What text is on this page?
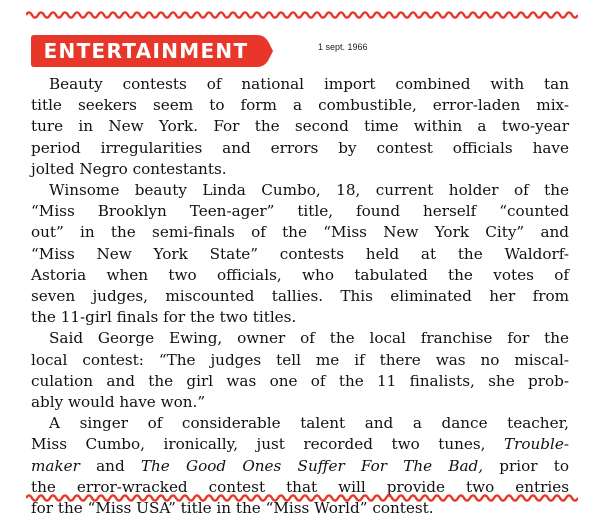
ENTERTAINMENT	1 sept. 1966

Beauty contests of national import combined with tan
title seekers seem to form a combustible, error-laden mix-
ture in New York. For the second time within a two-year
period irregularities and errors by contest officials have
jolted Negro contestants.

Winsome beauty Linda Cumbo, 18, current holder of the
“Miss Brooklyn Teen-ager” title, found herself “counted
out” in the semi-finals of the “Miss New York City” and
“Miss New York State” contests held at the Waldorf-
Astoria when two officials, who tabulated the votes of
seven judges, miscounted tallies. This eliminated her from
the 11-girl finals for the two titles.

Said George Ewing, owner of the local franchise for the
local contest: “The judges tell me if there was no miscal-
culation and the girl was one of the 11 finalists, she prob-
ably would have won.”

A singer of considerable talent and a dance teacher,
Miss Cumbo, ironically, just recorded two tunes, Trouble-
maker and The Good Ones Suffer For The Bad, prior to
the error-wracked contest that will provide two entries
for the “Miss USA” title in the “Miss World” contest.
